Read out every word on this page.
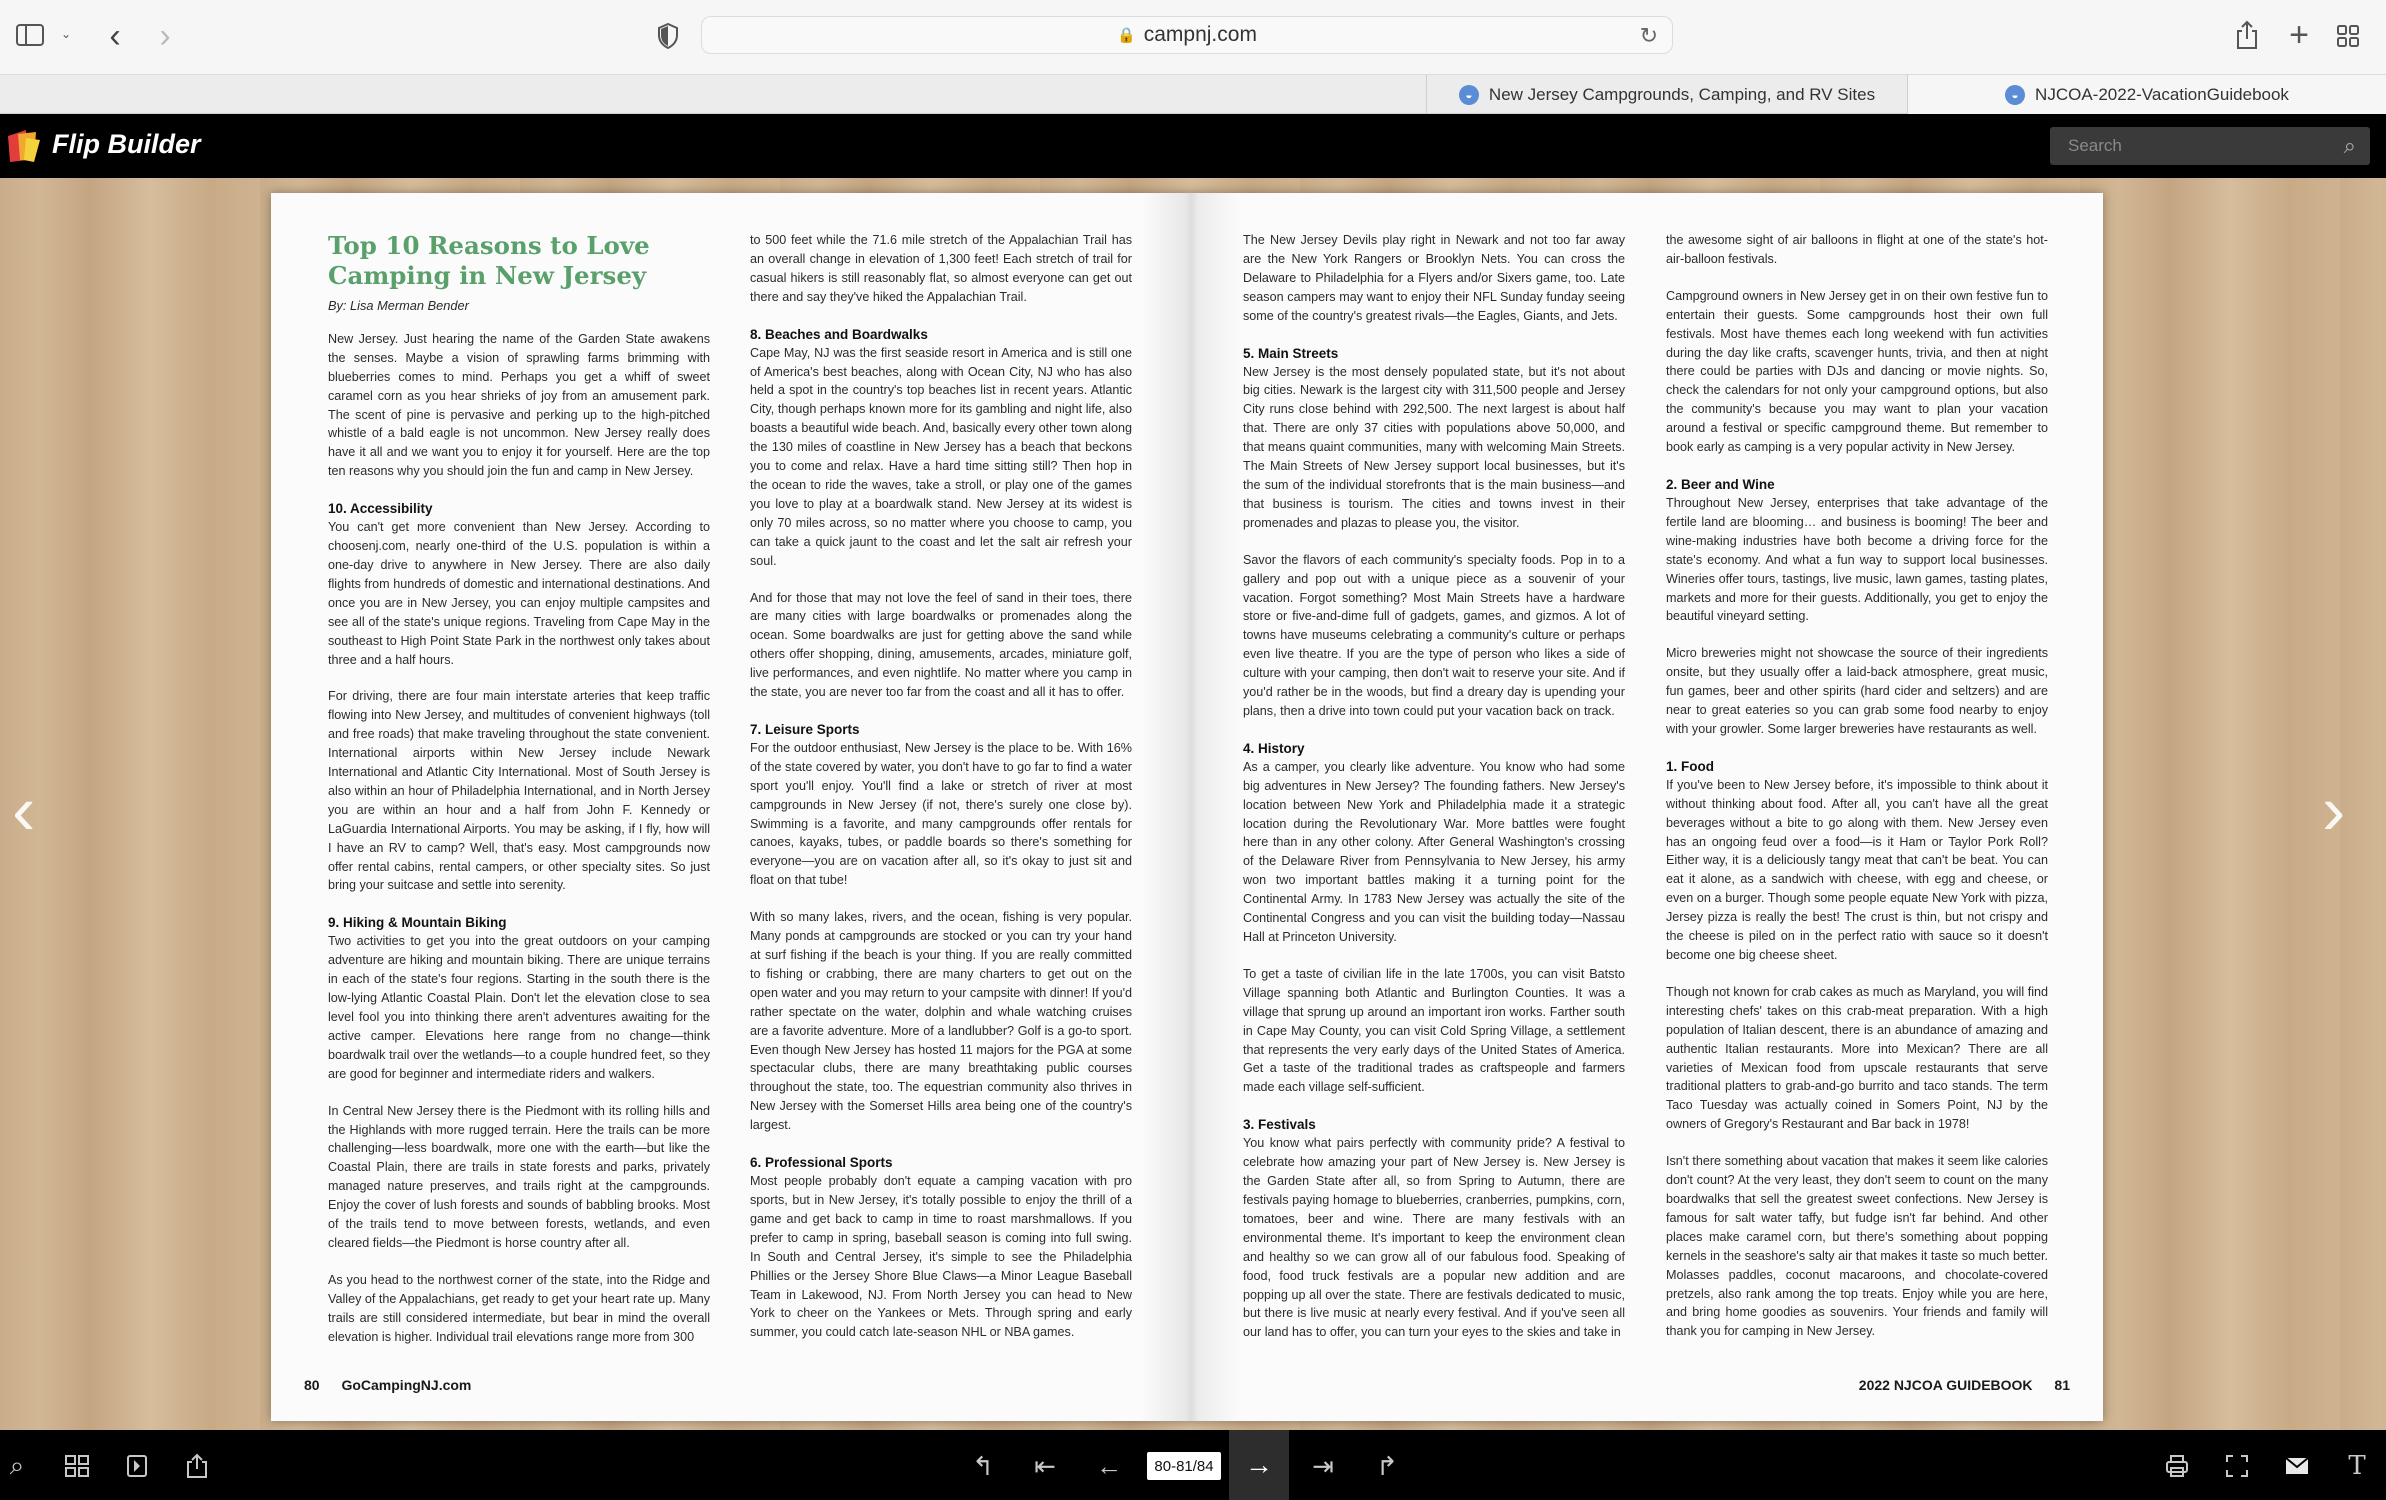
⌄ ‹ ›	🔒 campnj.com	↻	+
◒ New Jersey Campgrounds, Camping, and RV Sites	◒ NJCOA-2022-VacationGuidebook
Flip Builder	Search	⌕
‹	›
Top 10 Reasons to Love Camping in New Jersey
By: Lisa Merman Bender

New Jersey. Just hearing the name of the Garden State awakens the senses. Maybe a vision of sprawling farms brimming with blueberries comes to mind. Perhaps you get a whiff of sweet caramel corn as you hear shrieks of joy from an amusement park. The scent of pine is pervasive and perking up to the high-pitched whistle of a bald eagle is not uncommon. New Jersey really does have it all and we want you to enjoy it for yourself. Here are the top ten reasons why you should join the fun and camp in New Jersey.

10. Accessibility

You can't get more convenient than New Jersey. According to choosenj.com, nearly one-third of the U.S. population is within a one-day drive to anywhere in New Jersey. There are also daily flights from hundreds of domestic and international destinations. And once you are in New Jersey, you can enjoy multiple campsites and see all of the state's unique regions. Traveling from Cape May in the southeast to High Point State Park in the northwest only takes about three and a half hours.

For driving, there are four main interstate arteries that keep traffic flowing into New Jersey, and multitudes of convenient highways (toll and free roads) that make traveling throughout the state convenient. International airports within New Jersey include Newark International and Atlantic City International. Most of South Jersey is also within an hour of Philadelphia International, and in North Jersey you are within an hour and a half from John F. Kennedy or LaGuardia International Airports. You may be asking, if I fly, how will I have an RV to camp? Well, that's easy. Most campgrounds now offer rental cabins, rental campers, or other specialty sites. So just bring your suitcase and settle into serenity.

9. Hiking & Mountain Biking

Two activities to get you into the great outdoors on your camping adventure are hiking and mountain biking. There are unique terrains in each of the state's four regions. Starting in the south there is the low-lying Atlantic Coastal Plain. Don't let the elevation close to sea level fool you into thinking there aren't adventures awaiting for the active camper. Elevations here range from no change—think boardwalk trail over the wetlands—to a couple hundred feet, so they are good for beginner and intermediate riders and walkers.

In Central New Jersey there is the Piedmont with its rolling hills and the Highlands with more rugged terrain. Here the trails can be more challenging—less boardwalk, more one with the earth—but like the Coastal Plain, there are trails in state forests and parks, privately managed nature preserves, and trails right at the campgrounds. Enjoy the cover of lush forests and sounds of babbling brooks. Most of the trails tend to move between forests, wetlands, and even cleared fields—the Piedmont is horse country after all.

As you head to the northwest corner of the state, into the Ridge and Valley of the Appalachians, get ready to get your heart rate up. Many trails are still considered intermediate, but bear in mind the overall elevation is higher. Individual trail elevations range more from 300

to 500 feet while the 71.6 mile stretch of the Appalachian Trail has an overall change in elevation of 1,300 feet! Each stretch of trail for casual hikers is still reasonably flat, so almost everyone can get out there and say they've hiked the Appalachian Trail.

8. Beaches and Boardwalks

Cape May, NJ was the first seaside resort in America and is still one of America's best beaches, along with Ocean City, NJ who has also held a spot in the country's top beaches list in recent years. Atlantic City, though perhaps known more for its gambling and night life, also boasts a beautiful wide beach. And, basically every other town along the 130 miles of coastline in New Jersey has a beach that beckons you to come and relax. Have a hard time sitting still? Then hop in the ocean to ride the waves, take a stroll, or play one of the games you love to play at a boardwalk stand. New Jersey at its widest is only 70 miles across, so no matter where you choose to camp, you can take a quick jaunt to the coast and let the salt air refresh your soul.

And for those that may not love the feel of sand in their toes, there are many cities with large boardwalks or promenades along the ocean. Some boardwalks are just for getting above the sand while others offer shopping, dining, amusements, arcades, miniature golf, live performances, and even nightlife. No matter where you camp in the state, you are never too far from the coast and all it has to offer.

7. Leisure Sports

For the outdoor enthusiast, New Jersey is the place to be. With 16% of the state covered by water, you don't have to go far to find a water sport you'll enjoy. You'll find a lake or stretch of river at most campgrounds in New Jersey (if not, there's surely one close by). Swimming is a favorite, and many campgrounds offer rentals for canoes, kayaks, tubes, or paddle boards so there's something for everyone—you are on vacation after all, so it's okay to just sit and float on that tube!

With so many lakes, rivers, and the ocean, fishing is very popular. Many ponds at campgrounds are stocked or you can try your hand at surf fishing if the beach is your thing. If you are really committed to fishing or crabbing, there are many charters to get out on the open water and you may return to your campsite with dinner! If you'd rather spectate on the water, dolphin and whale watching cruises are a favorite adventure. More of a landlubber? Golf is a go-to sport. Even though New Jersey has hosted 11 majors for the PGA at some spectacular clubs, there are many breathtaking public courses throughout the state, too. The equestrian community also thrives in New Jersey with the Somerset Hills area being one of the country's largest.

6. Professional Sports

Most people probably don't equate a camping vacation with pro sports, but in New Jersey, it's totally possible to enjoy the thrill of a game and get back to camp in time to roast marshmallows. If you prefer to camp in spring, baseball season is coming into full swing. In South and Central Jersey, it's simple to see the Philadelphia Phillies or the Jersey Shore Blue Claws—a Minor League Baseball Team in Lakewood, NJ. From North Jersey you can head to New York to cheer on the Yankees or Mets. Through spring and early summer, you could catch late-season NHL or NBA games.

The New Jersey Devils play right in Newark and not too far away are the New York Rangers or Brooklyn Nets. You can cross the Delaware to Philadelphia for a Flyers and/or Sixers game, too. Late season campers may want to enjoy their NFL Sunday funday seeing some of the country's greatest rivals—the Eagles, Giants, and Jets.

5. Main Streets

New Jersey is the most densely populated state, but it's not about big cities. Newark is the largest city with 311,500 people and Jersey City runs close behind with 292,500. The next largest is about half that. There are only 37 cities with populations above 50,000, and that means quaint communities, many with welcoming Main Streets. The Main Streets of New Jersey support local businesses, but it's the sum of the individual storefronts that is the main business—and that business is tourism. The cities and towns invest in their promenades and plazas to please you, the visitor.

Savor the flavors of each community's specialty foods. Pop in to a gallery and pop out with a unique piece as a souvenir of your vacation. Forgot something? Most Main Streets have a hardware store or five-and-dime full of gadgets, games, and gizmos. A lot of towns have museums celebrating a community's culture or perhaps even live theatre. If you are the type of person who likes a side of culture with your camping, then don't wait to reserve your site. And if you'd rather be in the woods, but find a dreary day is upending your plans, then a drive into town could put your vacation back on track.

4. History

As a camper, you clearly like adventure. You know who had some big adventures in New Jersey? The founding fathers. New Jersey's location between New York and Philadelphia made it a strategic location during the Revolutionary War. More battles were fought here than in any other colony. After General Washington's crossing of the Delaware River from Pennsylvania to New Jersey, his army won two important battles making it a turning point for the Continental Army. In 1783 New Jersey was actually the site of the Continental Congress and you can visit the building today—Nassau Hall at Princeton University.

To get a taste of civilian life in the late 1700s, you can visit Batsto Village spanning both Atlantic and Burlington Counties. It was a village that sprung up around an important iron works. Farther south in Cape May County, you can visit Cold Spring Village, a settlement that represents the very early days of the United States of America. Get a taste of the traditional trades as craftspeople and farmers made each village self-sufficient.

3. Festivals

You know what pairs perfectly with community pride? A festival to celebrate how amazing your part of New Jersey is. New Jersey is the Garden State after all, so from Spring to Autumn, there are festivals paying homage to blueberries, cranberries, pumpkins, corn, tomatoes, beer and wine. There are many festivals with an environmental theme. It's important to keep the environment clean and healthy so we can grow all of our fabulous food. Speaking of food, food truck festivals are a popular new addition and are popping up all over the state. There are festivals dedicated to music, but there is live music at nearly every festival. And if you've seen all our land has to offer, you can turn your eyes to the skies and take in

the awesome sight of air balloons in flight at one of the state's hot-air-balloon festivals.

Campground owners in New Jersey get in on their own festive fun to entertain their guests. Some campgrounds host their own full festivals. Most have themes each long weekend with fun activities during the day like crafts, scavenger hunts, trivia, and then at night there could be parties with DJs and dancing or movie nights. So, check the calendars for not only your campground options, but also the community's because you may want to plan your vacation around a festival or specific campground theme. But remember to book early as camping is a very popular activity in New Jersey.

2. Beer and Wine

Throughout New Jersey, enterprises that take advantage of the fertile land are blooming… and business is booming! The beer and wine-making industries have both become a driving force for the state's economy. And what a fun way to support local businesses. Wineries offer tours, tastings, live music, lawn games, tasting plates, markets and more for their guests. Additionally, you get to enjoy the beautiful vineyard setting.

Micro breweries might not showcase the source of their ingredients onsite, but they usually offer a laid-back atmosphere, great music, fun games, beer and other spirits (hard cider and seltzers) and are near to great eateries so you can grab some food nearby to enjoy with your growler. Some larger breweries have restaurants as well.

1. Food

If you've been to New Jersey before, it's impossible to think about it without thinking about food. After all, you can't have all the great beverages without a bite to go along with them. New Jersey even has an ongoing feud over a food—is it Ham or Taylor Pork Roll? Either way, it is a deliciously tangy meat that can't be beat. You can eat it alone, as a sandwich with cheese, with egg and cheese, or even on a burger. Though some people equate New York with pizza, Jersey pizza is really the best! The crust is thin, but not crispy and the cheese is piled on in the perfect ratio with sauce so it doesn't become one big cheese sheet.

Though not known for crab cakes as much as Maryland, you will find interesting chefs' takes on this crab-meat preparation. With a high population of Italian descent, there is an abundance of amazing and authentic Italian restaurants. More into Mexican? There are all varieties of Mexican food from upscale restaurants that serve traditional platters to grab-and-go burrito and taco stands. The term Taco Tuesday was actually coined in Somers Point, NJ by the owners of Gregory's Restaurant and Bar back in 1978!

Isn't there something about vacation that makes it seem like calories don't count? At the very least, they don't seem to count on the many boardwalks that sell the greatest sweet confections. New Jersey is famous for salt water taffy, but fudge isn't far behind. And other places make caramel corn, but there's something about popping kernels in the seashore's salty air that makes it taste so much better. Molasses paddles, coconut macaroons, and chocolate-covered pretzels, also rank among the top treats. Enjoy while you are here, and bring home goodies as souvenirs. Your friends and family will thank you for camping in New Jersey.

80 GoCampingNJ.com	2022 NJCOA GUIDEBOOK 81
⌕	↰ ⇤ ←	80-81/84	→	⇥ ↱	T
